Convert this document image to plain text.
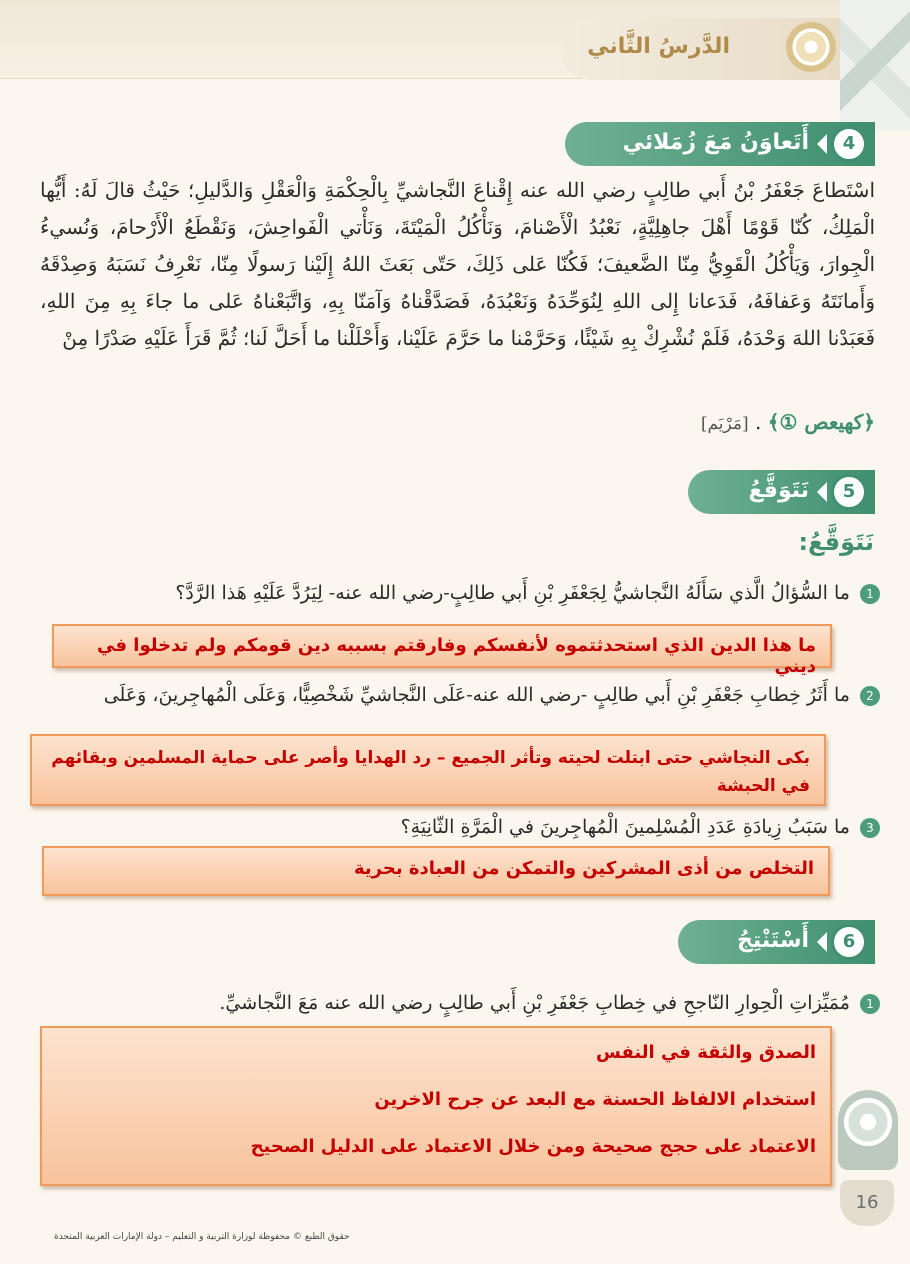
الدَّرسُ الثَّاني
4
أَتَعاوَنُ مَعَ زُمَلائي
اسْتَطاعَ جَعْفَرُ بْنُ أَبي طالِبٍ رضي الله عنه إِقْناعَ النَّجاشيِّ بِالْحِكْمَةِ وَالْعَقْلِ وَالدَّليلِ؛ حَيْثُ قالَ لَهُ: أَيُّها الْمَلِكُ، كُنّا قَوْمًا أَهْلَ جاهِلِيَّةٍ، نَعْبُدُ الْأَصْنامَ، وَنَأْكُلُ الْمَيْتَةَ، وَنَأْتي الْفَواحِشَ، وَنَقْطَعُ الْأَرْحامَ، وَنُسيءُ الْجِوارَ، وَيَأْكُلُ الْقَوِيُّ مِنّا الضَّعيفَ؛ فَكُنّا عَلى ذَلِكَ، حَتّى بَعَثَ اللهُ إِلَيْنا رَسولًا مِنّا، نَعْرِفُ نَسَبَهُ وَصِدْقَهُ وَأَمانَتَهُ وَعَفافَهُ، فَدَعانا إِلى اللهِ لِنُوَحِّدَهُ وَنَعْبُدَهُ، فَصَدَّقْناهُ وَآمَنّا بِهِ، وَاتَّبَعْناهُ عَلى ما جاءَ بِهِ مِنَ اللهِ، فَعَبَدْنا اللهَ وَحْدَهُ، فَلَمْ نُشْرِكْ بِهِ شَيْئًا، وَحَرَّمْنا ما حَرَّمَ عَلَيْنا، وَأَحْلَلْنا ما أَحَلَّ لَنا؛ ثُمَّ قَرَأَ عَلَيْهِ صَدْرًا مِنْ
﴿كهيعص ①﴾ . [مَرْيَم]
5
نَتَوَقَّعُ
نَتَوَقَّعُ:
1 ما السُّؤالُ الَّذي سَأَلَهُ النَّجاشيُّ لِجَعْفَرِ بْنِ أَبي طالِبٍ-رضي الله عنه- لِيَرُدَّ عَلَيْهِ هَذا الرَّدَّ؟

ما هذا الدين الذي استحدثتموه لأنفسكم وفارقتم بسببه دين قومكم ولم تدخلوا في ديني

2 ما أَثَرُ خِطابِ جَعْفَرِ بْنِ أَبي طالِبٍ -رضي الله عنه-عَلَى النَّجاشيِّ شَخْصِيًّا، وَعَلَى الْمُهاجِرينَ، وَعَلَى

بكى النجاشي حتى ابتلت لحيته وتأثر الجميع – رد الهدايا وأصر على حماية المسلمين وبقائهم في الحبشة

3 ما سَبَبُ زِيادَةِ عَدَدِ الْمُسْلِمينَ الْمُهاجِرينَ في الْمَرَّةِ الثّانِيَةِ؟

التخلص من أذى المشركين والتمكن من العبادة بحرية

6
أَسْتَنْتِجُ
1 مُمَيِّزاتِ الْحِوارِ النّاجحِ في خِطابِ جَعْفَرِ بْنِ أَبي طالِبٍ رضي الله عنه مَعَ النَّجاشيِّ.

الصدق والثقة في النفس

استخدام الالفاظ الحسنة مع البعد عن جرح الاخرين

الاعتماد على حجج صحيحة ومن خلال الاعتماد على الدليل الصحيح

16
حقوق الطبع © محفوظة لوزارة التربية و التعليم – دولة الإمارات العربية المتحدة
